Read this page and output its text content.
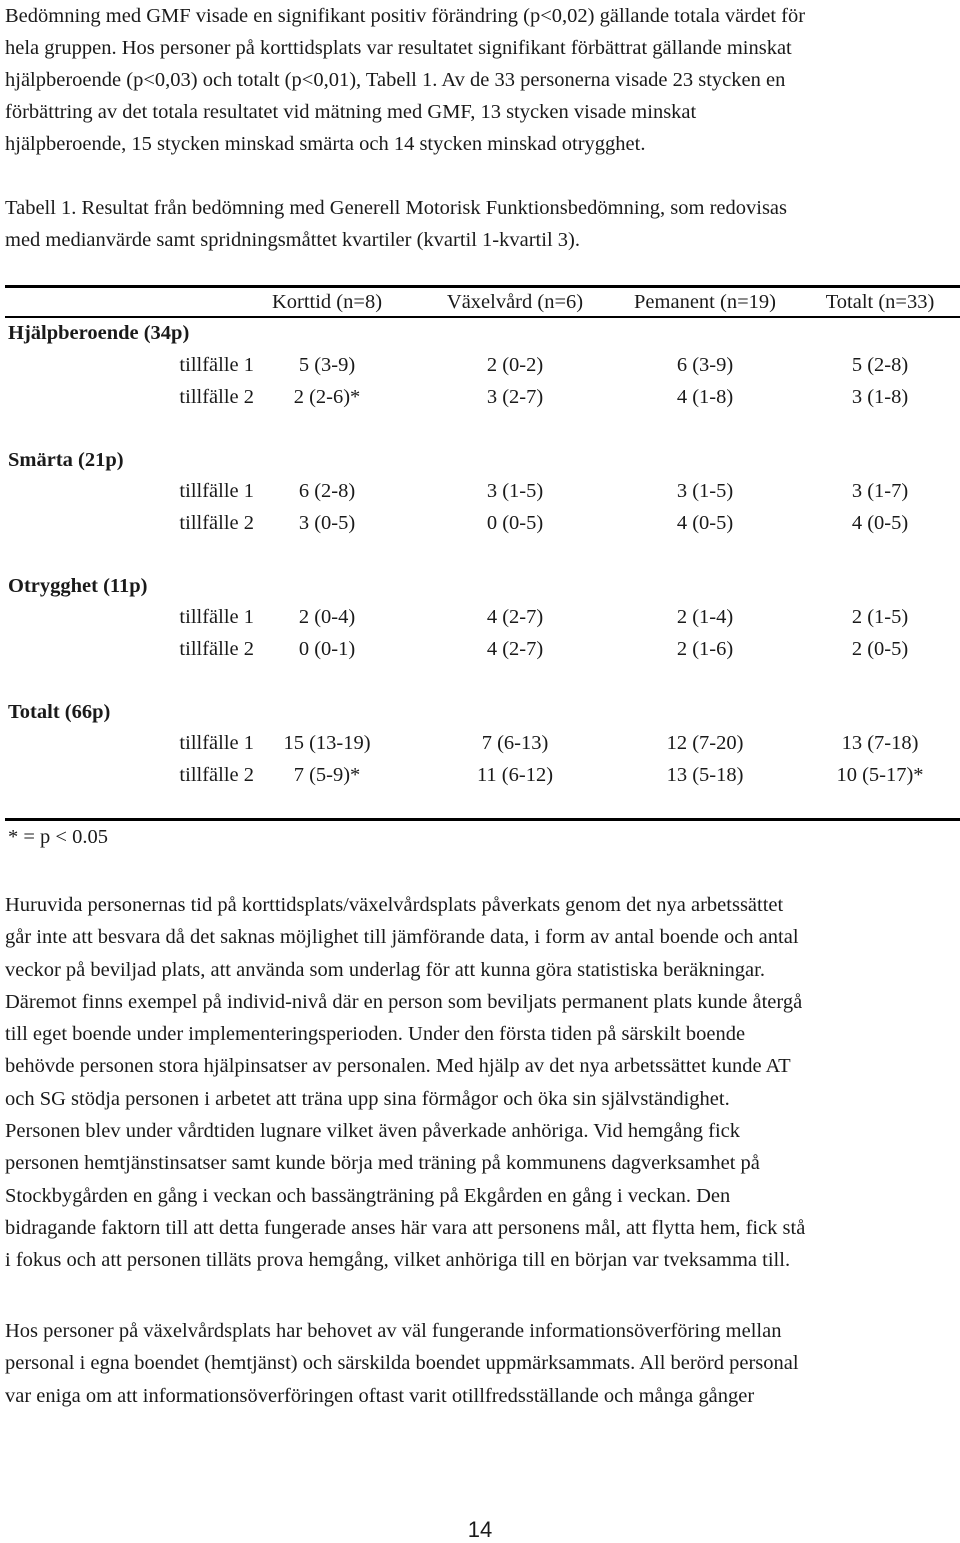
Bedömning med GMF visade en signifikant positiv förändring (p<0,02) gällande totala värdet för
hela gruppen. Hos personer på korttidsplats var resultatet signifikant förbättrat gällande minskat
hjälpberoende (p<0,03) och totalt (p<0,01), Tabell 1. Av de 33 personerna visade 23 stycken en
förbättring av det totala resultatet vid mätning med GMF, 13 stycken visade minskat
hjälpberoende, 15 stycken minskad smärta och 14 stycken minskad otrygghet.

Tabell 1. Resultat från bedömning med Generell Motorisk Funktionsbedömning, som redovisas
med medianvärde samt spridningsmåttet kvartiler (kvartil 1-kvartil 3).

Korttid (n=8)	Växelvård (n=6)	Pemanent (n=19)	Totalt (n=33)
Hjälpberoende (34p)
tillfälle 1	5 (3-9)	2 (0-2)	6 (3-9)	5 (2-8)
tillfälle 2	2 (2-6)*	3 (2-7)	4 (1-8)	3 (1-8)
Smärta (21p)
tillfälle 1	6 (2-8)	3 (1-5)	3 (1-5)	3 (1-7)
tillfälle 2	3 (0-5)	0 (0-5)	4 (0-5)	4 (0-5)
Otrygghet (11p)
tillfälle 1	2 (0-4)	4 (2-7)	2 (1-4)	2 (1-5)
tillfälle 2	0 (0-1)	4 (2-7)	2 (1-6)	2 (0-5)
Totalt (66p)
tillfälle 1	15 (13-19)	7 (6-13)	12 (7-20)	13 (7-18)
tillfälle 2	7 (5-9)*	11 (6-12)	13 (5-18)	10 (5-17)*
* = p < 0.05

Huruvida personernas tid på korttidsplats/växelvårdsplats påverkats genom det nya arbetssättet
går inte att besvara då det saknas möjlighet till jämförande data, i form av antal boende och antal
veckor på beviljad plats, att använda som underlag för att kunna göra statistiska beräkningar.
Däremot finns exempel på individ-nivå där en person som beviljats permanent plats kunde återgå
till eget boende under implementeringsperioden. Under den första tiden på särskilt boende
behövde personen stora hjälpinsatser av personalen. Med hjälp av det nya arbetssättet kunde AT
och SG stödja personen i arbetet att träna upp sina förmågor och öka sin självständighet.
Personen blev under vårdtiden lugnare vilket även påverkade anhöriga. Vid hemgång fick
personen hemtjänstinsatser samt kunde börja med träning på kommunens dagverksamhet på
Stockbygården en gång i veckan och bassängträning på Ekgården en gång i veckan. Den
bidragande faktorn till att detta fungerade anses här vara att personens mål, att flytta hem, fick stå
i fokus och att personen tilläts prova hemgång, vilket anhöriga till en början var tveksamma till.

Hos personer på växelvårdsplats har behovet av väl fungerande informationsöverföring mellan
personal i egna boendet (hemtjänst) och särskilda boendet uppmärksammats. All berörd personal
var eniga om att informationsöverföringen oftast varit otillfredsställande och många gånger

14
